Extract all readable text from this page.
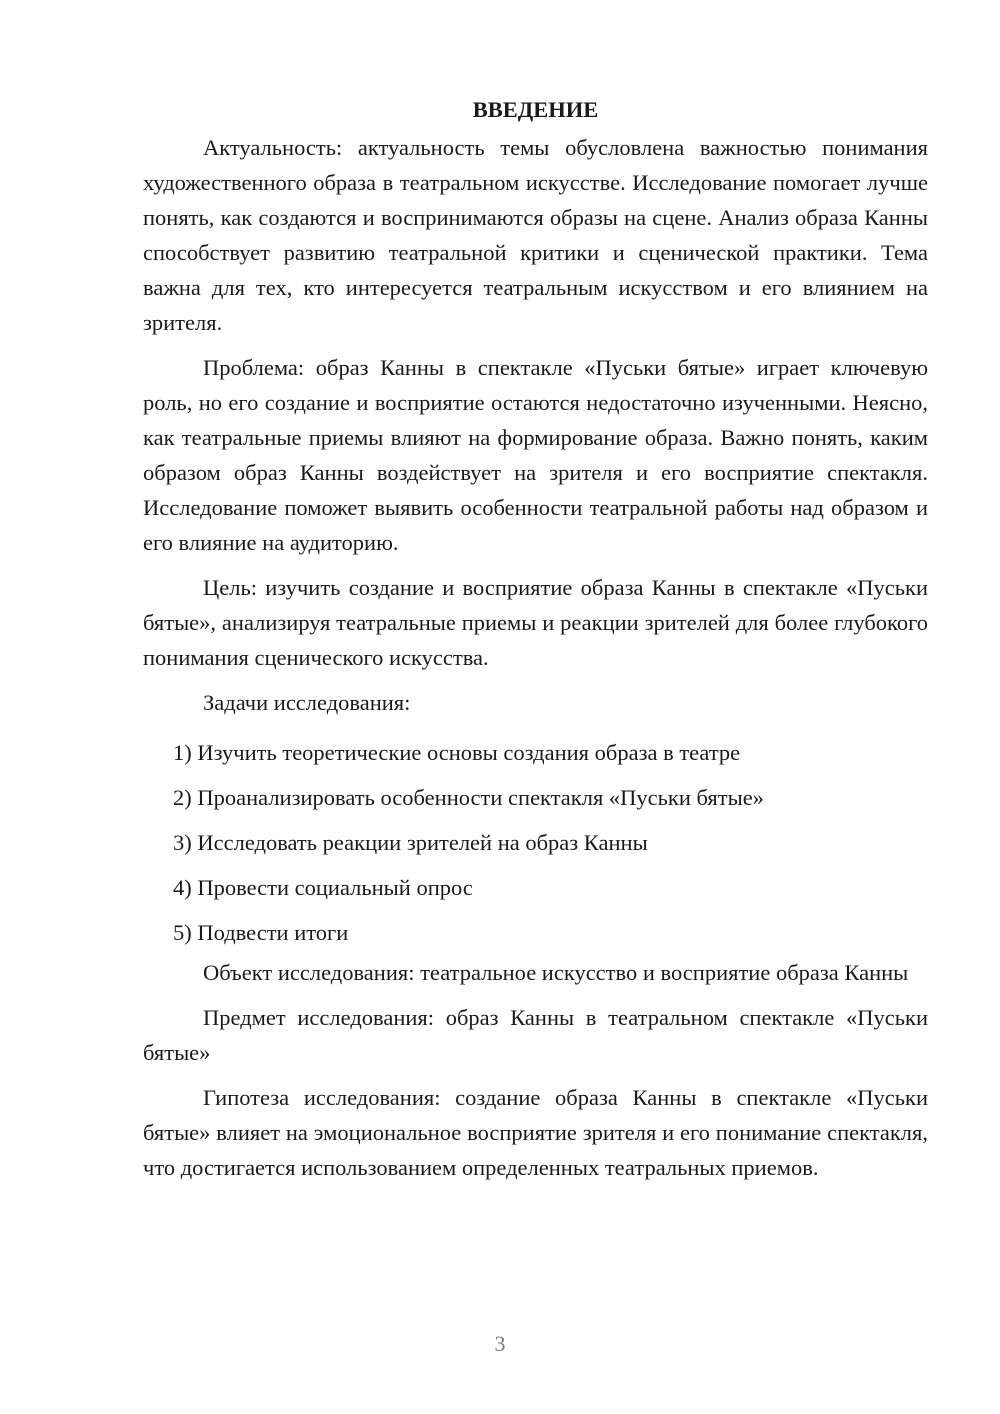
ВВЕДЕНИЕ

Актуальность: актуальность темы обусловлена важностью понимания художественного образа в театральном искусстве. Исследование помогает лучше понять, как создаются и воспринимаются образы на сцене. Анализ образа Канны способствует развитию театральной критики и сценической практики. Тема важна для тех, кто интересуется театральным искусством и его влиянием на зрителя.

Проблема: образ Канны в спектакле «Пуськи бятые» играет ключевую роль, но его создание и восприятие остаются недостаточно изученными. Неясно, как театральные приемы влияют на формирование образа. Важно понять, каким образом образ Канны воздействует на зрителя и его восприятие спектакля. Исследование поможет выявить особенности театральной работы над образом и его влияние на аудиторию.

Цель: изучить создание и восприятие образа Канны в спектакле «Пуськи бятые», анализируя театральные приемы и реакции зрителей для более глубокого понимания сценического искусства.

Задачи исследования:

1) Изучить теоретические основы создания образа в театре

2) Проанализировать особенности спектакля «Пуськи бятые»

3) Исследовать реакции зрителей на образ Канны

4) Провести социальный опрос

5) Подвести итоги

Объект исследования: театральное искусство и восприятие образа Канны

Предмет исследования: образ Канны в театральном спектакле «Пуськи бятые»

Гипотеза исследования: создание образа Канны в спектакле «Пуськи бятые» влияет на эмоциональное восприятие зрителя и его понимание спектакля, что достигается использованием определенных театральных приемов.

3
